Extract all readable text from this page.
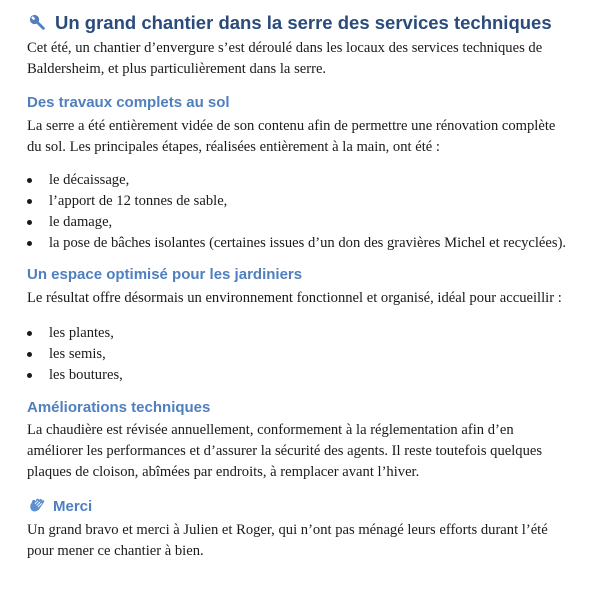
Un grand chantier dans la serre des services techniques
Cet été, un chantier d’envergure s’est déroulé dans les locaux des services techniques de
Baldersheim, et plus particulièrement dans la serre.
Des travaux complets au sol
La serre a été entièrement vidée de son contenu afin de permettre une rénovation complète
du sol. Les principales étapes, réalisées entièrement à la main, ont été :
le décaissage,
l’apport de 12 tonnes de sable,
le damage,
la pose de bâches isolantes (certaines issues d’un don des gravières Michel et recyclées).
Un espace optimisé pour les jardiniers
Le résultat offre désormais un environnement fonctionnel et organisé, idéal pour accueillir :
les plantes,
les semis,
les boutures,
Améliorations techniques
La chaudière est révisée annuellement, conformement à la réglementation afin d’en
améliorer les performances et d’assurer la sécurité des agents. Il reste toutefois quelques
plaques de cloison, abîmées par endroits, à remplacer avant l’hiver.
Merci
Un grand bravo et merci à Julien et Roger, qui n’ont pas ménagé leurs efforts durant l’été
pour mener ce chantier à bien.
